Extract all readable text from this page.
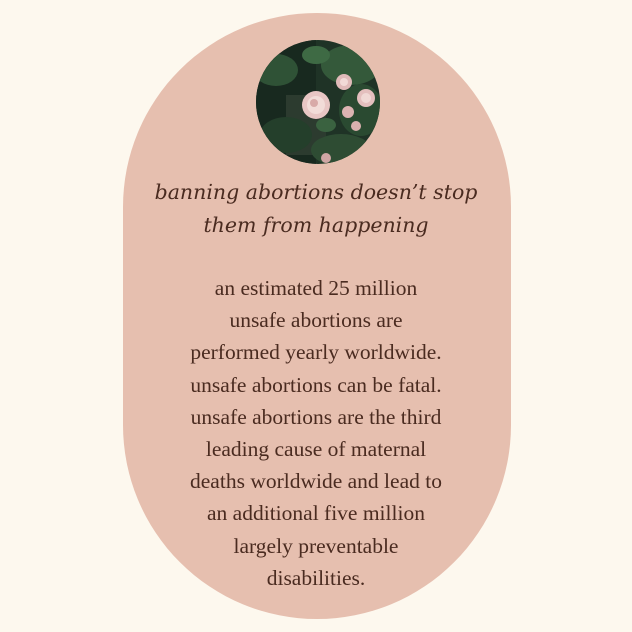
banning abortions doesn’t stop
them from happening
an estimated 25 million
unsafe abortions are
performed yearly worldwide.
unsafe abortions can be fatal.
unsafe abortions are the third
leading cause of maternal
deaths worldwide and lead to
an additional five million
largely preventable
disabilities.
